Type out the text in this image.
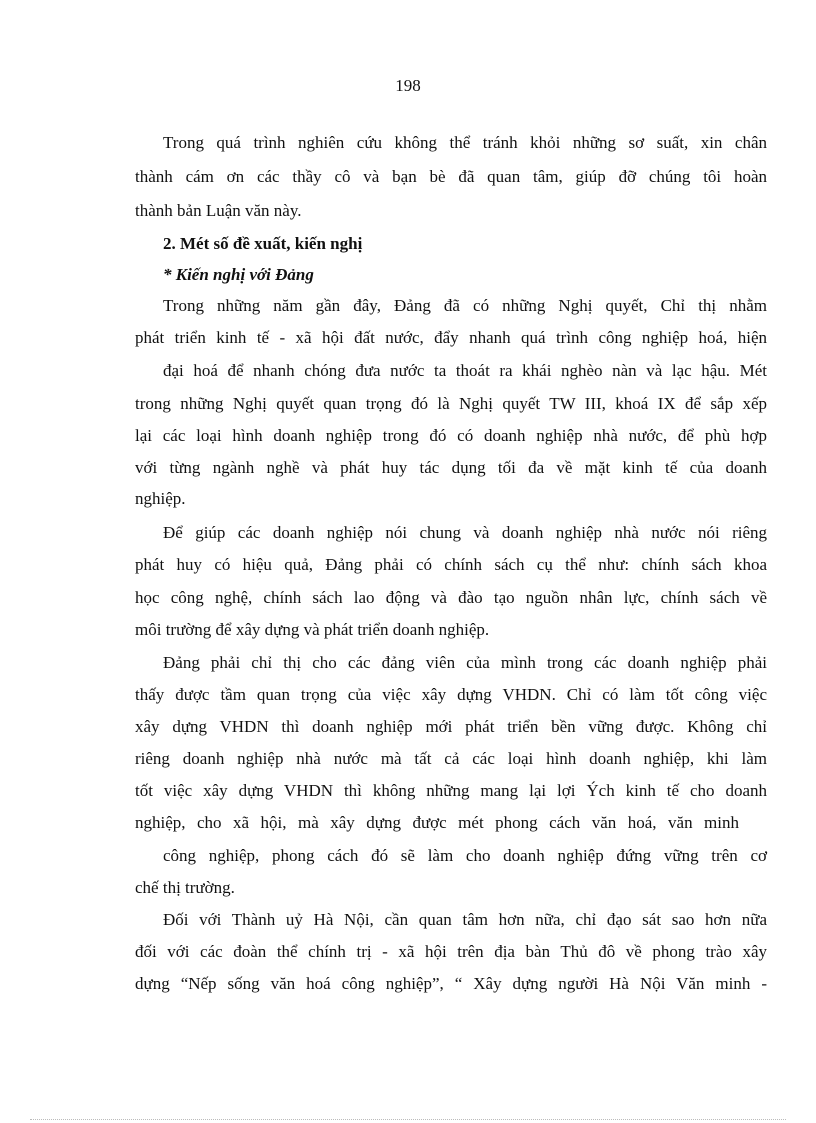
198
Trong quá trình nghiên cứu không thể tránh khỏi những sơ suất, xin chân
thành cám ơn các thầy cô và bạn bè đã quan tâm, giúp đỡ chúng tôi hoàn
thành bản Luận văn này.
2. Mét số đề xuất, kiến nghị
* Kiến nghị với Đảng
Trong những năm gần đây, Đảng đã có những Nghị quyết, Chỉ thị nhằm
phát triển kinh tế - xã hội đất nước, đẩy nhanh quá trình công nghiệp hoá, hiện
đại hoá để nhanh chóng đưa nước ta thoát ra khái nghèo nàn và lạc hậu. Mét
trong những Nghị quyết quan trọng đó là Nghị quyết TW III, khoá IX để sắp xếp
lại các loại hình doanh nghiệp trong đó có doanh nghiệp nhà nước, để phù hợp
với từng ngành nghề và phát huy tác dụng tối đa về mặt kinh tế của doanh
nghiệp.
Để giúp các doanh nghiệp nói chung và doanh nghiệp nhà nước nói riêng
phát huy có hiệu quả, Đảng phải có chính sách cụ thể như: chính sách khoa
học công nghệ, chính sách lao động và đào tạo nguồn nhân lực, chính sách về
môi trường để xây dựng và phát triển doanh nghiệp.
Đảng phải chỉ thị cho các đảng viên của mình trong các doanh nghiệp phải
thấy được tầm quan trọng của việc xây dựng VHDN. Chỉ có làm tốt công việc
xây dựng VHDN thì doanh nghiệp mới phát triển bền vững được. Không chỉ
riêng doanh nghiệp nhà nước mà tất cả các loại hình doanh nghiệp, khi làm
tốt việc xây dựng VHDN thì không những mang lại lợi Ých kinh tế cho doanh
nghiệp, cho xã hội, mà xây dựng được mét phong cách văn hoá, văn minh
công nghiệp, phong cách đó sẽ làm cho doanh nghiệp đứng vững trên cơ
chế thị trường.
Đối với Thành uỷ Hà Nội, cần quan tâm hơn nữa, chỉ đạo sát sao hơn nữa
đối với các đoàn thể chính trị - xã hội trên địa bàn Thủ đô về phong trào xây
dựng “Nếp sống văn hoá công nghiệp”, “ Xây dựng người Hà Nội Văn minh -
